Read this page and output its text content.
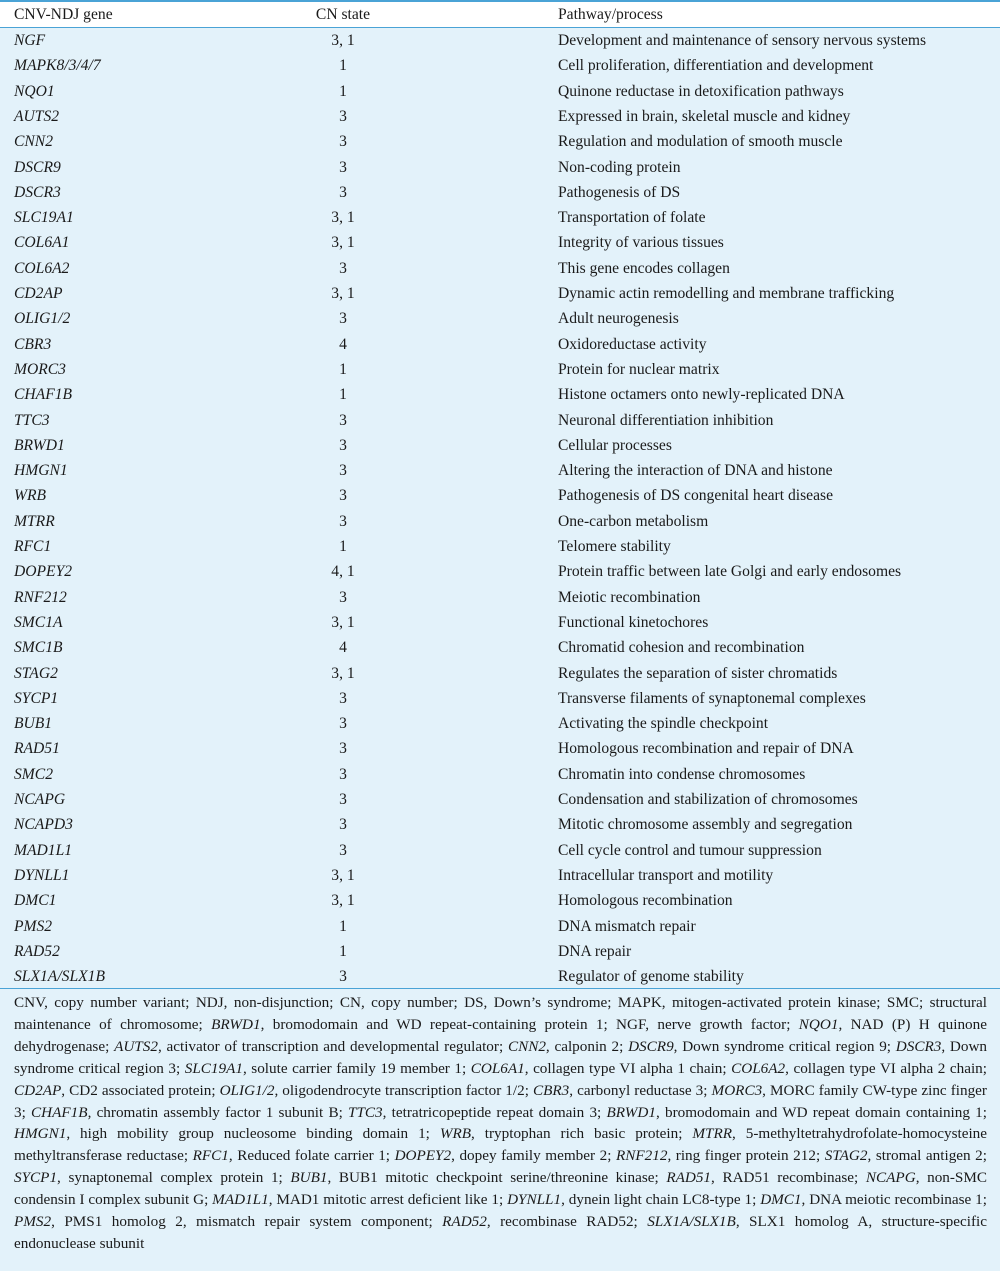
CNV-NDJ gene	CN state	Pathway/process
NGF	3, 1	Development and maintenance of sensory nervous systems
MAPK8/3/4/7	1	Cell proliferation, differentiation and development
NQO1	1	Quinone reductase in detoxification pathways
AUTS2	3	Expressed in brain, skeletal muscle and kidney
CNN2	3	Regulation and modulation of smooth muscle
DSCR9	3	Non-coding protein
DSCR3	3	Pathogenesis of DS
SLC19A1	3, 1	Transportation of folate
COL6A1	3, 1	Integrity of various tissues
COL6A2	3	This gene encodes collagen
CD2AP	3, 1	Dynamic actin remodelling and membrane trafficking
OLIG1/2	3	Adult neurogenesis
CBR3	4	Oxidoreductase activity
MORC3	1	Protein for nuclear matrix
CHAF1B	1	Histone octamers onto newly-replicated DNA
TTC3	3	Neuronal differentiation inhibition
BRWD1	3	Cellular processes
HMGN1	3	Altering the interaction of DNA and histone
WRB	3	Pathogenesis of DS congenital heart disease
MTRR	3	One-carbon metabolism
RFC1	1	Telomere stability
DOPEY2	4, 1	Protein traffic between late Golgi and early endosomes
RNF212	3	Meiotic recombination
SMC1A	3, 1	Functional kinetochores
SMC1B	4	Chromatid cohesion and recombination
STAG2	3, 1	Regulates the separation of sister chromatids
SYCP1	3	Transverse filaments of synaptonemal complexes
BUB1	3	Activating the spindle checkpoint
RAD51	3	Homologous recombination and repair of DNA
SMC2	3	Chromatin into condense chromosomes
NCAPG	3	Condensation and stabilization of chromosomes
NCAPD3	3	Mitotic chromosome assembly and segregation
MAD1L1	3	Cell cycle control and tumour suppression
DYNLL1	3, 1	Intracellular transport and motility
DMC1	3, 1	Homologous recombination
PMS2	1	DNA mismatch repair
RAD52	1	DNA repair
SLX1A/SLX1B	3	Regulator of genome stability
CNV, copy number variant; NDJ, non-disjunction; CN, copy number; DS, Down’s syndrome; MAPK, mitogen-activated protein kinase; SMC; structural maintenance of chromosome; BRWD1, bromodomain and WD repeat-containing protein 1; NGF, nerve growth factor; NQO1, NAD (P) H quinone dehydrogenase; AUTS2, activator of transcription and developmental regulator; CNN2, calponin 2; DSCR9, Down syndrome critical region 9; DSCR3, Down syndrome critical region 3; SLC19A1, solute carrier family 19 member 1; COL6A1, collagen type VI alpha 1 chain; COL6A2, collagen type VI alpha 2 chain; CD2AP, CD2 associated protein; OLIG1/2, oligodendrocyte transcription factor 1/2; CBR3, carbonyl reductase 3; MORC3, MORC family CW-type zinc finger 3; CHAF1B, chromatin assembly factor 1 subunit B; TTC3, tetratricopeptide repeat domain 3; BRWD1, bromodomain and WD repeat domain containing 1; HMGN1, high mobility group nucleosome binding domain 1; WRB, tryptophan rich basic protein; MTRR, 5-methyltetrahydrofolate-homocysteine methyltransferase reductase; RFC1, Reduced folate carrier 1; DOPEY2, dopey family member 2; RNF212, ring finger protein 212; STAG2, stromal antigen 2; SYCP1, synaptonemal complex protein 1; BUB1, BUB1 mitotic checkpoint serine/threonine kinase; RAD51, RAD51 recombinase; NCAPG, non-SMC condensin I complex subunit G; MAD1L1, MAD1 mitotic arrest deficient like 1; DYNLL1, dynein light chain LC8-type 1; DMC1, DNA meiotic recombinase 1; PMS2, PMS1 homolog 2, mismatch repair system component; RAD52, recombinase RAD52; SLX1A/SLX1B, SLX1 homolog A, structure-specific endonuclease subunit
